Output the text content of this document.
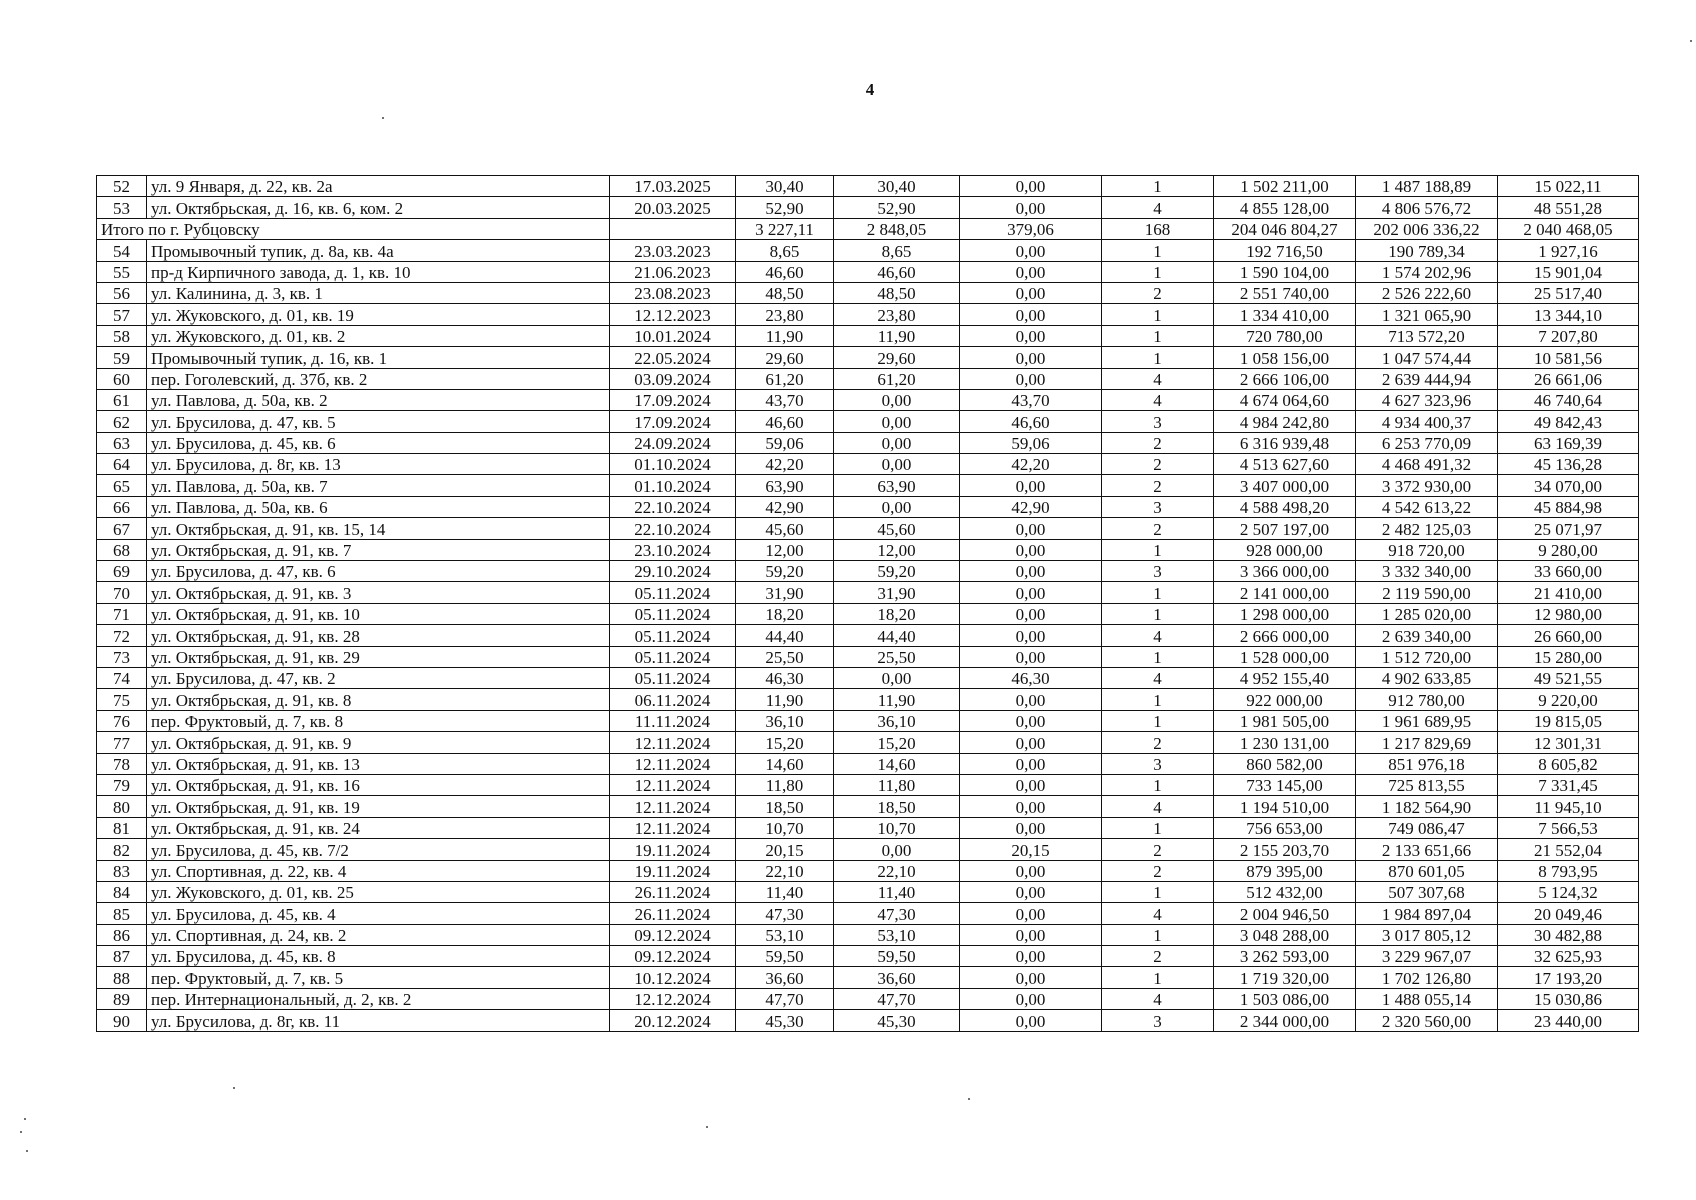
4
52	ул. 9 Января, д. 22, кв. 2а	17.03.2025	30,40	30,40	0,00	1	1 502 211,00	1 487 188,89	15 022,11
53	ул. Октябрьская, д. 16, кв. 6, ком. 2	20.03.2025	52,90	52,90	0,00	4	4 855 128,00	4 806 576,72	48 551,28
Итого по г. Рубцовску			3 227,11	2 848,05	379,06	168	204 046 804,27	202 006 336,22	2 040 468,05
54	Промывочный тупик, д. 8а, кв. 4а	23.03.2023	8,65	8,65	0,00	1	192 716,50	190 789,34	1 927,16
55	пр-д Кирпичного завода, д. 1, кв. 10	21.06.2023	46,60	46,60	0,00	1	1 590 104,00	1 574 202,96	15 901,04
56	ул. Калинина, д. 3, кв. 1	23.08.2023	48,50	48,50	0,00	2	2 551 740,00	2 526 222,60	25 517,40
57	ул. Жуковского, д. 01, кв. 19	12.12.2023	23,80	23,80	0,00	1	1 334 410,00	1 321 065,90	13 344,10
58	ул. Жуковского, д. 01, кв. 2	10.01.2024	11,90	11,90	0,00	1	720 780,00	713 572,20	7 207,80
59	Промывочный тупик, д. 16, кв. 1	22.05.2024	29,60	29,60	0,00	1	1 058 156,00	1 047 574,44	10 581,56
60	пер. Гоголевский, д. 37б, кв. 2	03.09.2024	61,20	61,20	0,00	4	2 666 106,00	2 639 444,94	26 661,06
61	ул. Павлова, д. 50а, кв. 2	17.09.2024	43,70	0,00	43,70	4	4 674 064,60	4 627 323,96	46 740,64
62	ул. Брусилова, д. 47, кв. 5	17.09.2024	46,60	0,00	46,60	3	4 984 242,80	4 934 400,37	49 842,43
63	ул. Брусилова, д. 45, кв. 6	24.09.2024	59,06	0,00	59,06	2	6 316 939,48	6 253 770,09	63 169,39
64	ул. Брусилова, д. 8г, кв. 13	01.10.2024	42,20	0,00	42,20	2	4 513 627,60	4 468 491,32	45 136,28
65	ул. Павлова, д. 50а, кв. 7	01.10.2024	63,90	63,90	0,00	2	3 407 000,00	3 372 930,00	34 070,00
66	ул. Павлова, д. 50а, кв. 6	22.10.2024	42,90	0,00	42,90	3	4 588 498,20	4 542 613,22	45 884,98
67	ул. Октябрьская, д. 91, кв. 15, 14	22.10.2024	45,60	45,60	0,00	2	2 507 197,00	2 482 125,03	25 071,97
68	ул. Октябрьская, д. 91, кв. 7	23.10.2024	12,00	12,00	0,00	1	928 000,00	918 720,00	9 280,00
69	ул. Брусилова, д. 47, кв. 6	29.10.2024	59,20	59,20	0,00	3	3 366 000,00	3 332 340,00	33 660,00
70	ул. Октябрьская, д. 91, кв. 3	05.11.2024	31,90	31,90	0,00	1	2 141 000,00	2 119 590,00	21 410,00
71	ул. Октябрьская, д. 91, кв. 10	05.11.2024	18,20	18,20	0,00	1	1 298 000,00	1 285 020,00	12 980,00
72	ул. Октябрьская, д. 91, кв. 28	05.11.2024	44,40	44,40	0,00	4	2 666 000,00	2 639 340,00	26 660,00
73	ул. Октябрьская, д. 91, кв. 29	05.11.2024	25,50	25,50	0,00	1	1 528 000,00	1 512 720,00	15 280,00
74	ул. Брусилова, д. 47, кв. 2	05.11.2024	46,30	0,00	46,30	4	4 952 155,40	4 902 633,85	49 521,55
75	ул. Октябрьская, д. 91, кв. 8	06.11.2024	11,90	11,90	0,00	1	922 000,00	912 780,00	9 220,00
76	пер. Фруктовый, д. 7, кв. 8	11.11.2024	36,10	36,10	0,00	1	1 981 505,00	1 961 689,95	19 815,05
77	ул. Октябрьская, д. 91, кв. 9	12.11.2024	15,20	15,20	0,00	2	1 230 131,00	1 217 829,69	12 301,31
78	ул. Октябрьская, д. 91, кв. 13	12.11.2024	14,60	14,60	0,00	3	860 582,00	851 976,18	8 605,82
79	ул. Октябрьская, д. 91, кв. 16	12.11.2024	11,80	11,80	0,00	1	733 145,00	725 813,55	7 331,45
80	ул. Октябрьская, д. 91, кв. 19	12.11.2024	18,50	18,50	0,00	4	1 194 510,00	1 182 564,90	11 945,10
81	ул. Октябрьская, д. 91, кв. 24	12.11.2024	10,70	10,70	0,00	1	756 653,00	749 086,47	7 566,53
82	ул. Брусилова, д. 45, кв. 7/2	19.11.2024	20,15	0,00	20,15	2	2 155 203,70	2 133 651,66	21 552,04
83	ул. Спортивная, д. 22, кв. 4	19.11.2024	22,10	22,10	0,00	2	879 395,00	870 601,05	8 793,95
84	ул. Жуковского, д. 01, кв. 25	26.11.2024	11,40	11,40	0,00	1	512 432,00	507 307,68	5 124,32
85	ул. Брусилова, д. 45, кв. 4	26.11.2024	47,30	47,30	0,00	4	2 004 946,50	1 984 897,04	20 049,46
86	ул. Спортивная, д. 24, кв. 2	09.12.2024	53,10	53,10	0,00	1	3 048 288,00	3 017 805,12	30 482,88
87	ул. Брусилова, д. 45, кв. 8	09.12.2024	59,50	59,50	0,00	2	3 262 593,00	3 229 967,07	32 625,93
88	пер. Фруктовый, д. 7, кв. 5	10.12.2024	36,60	36,60	0,00	1	1 719 320,00	1 702 126,80	17 193,20
89	пер. Интернациональный, д. 2, кв. 2	12.12.2024	47,70	47,70	0,00	4	1 503 086,00	1 488 055,14	15 030,86
90	ул. Брусилова, д. 8г, кв. 11	20.12.2024	45,30	45,30	0,00	3	2 344 000,00	2 320 560,00	23 440,00
